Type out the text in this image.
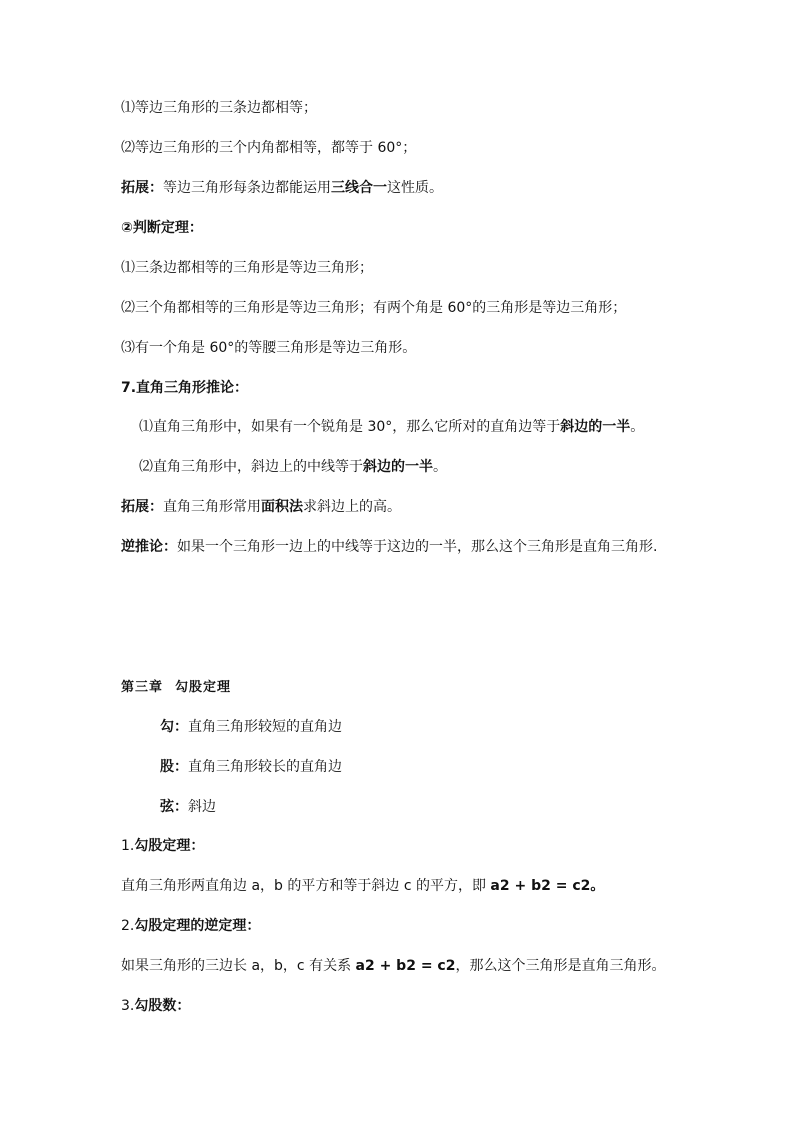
⑴等边三角形的三条边都相等；
⑵等边三角形的三个内角都相等，都等于 60°；
拓展：等边三角形每条边都能运用三线合一这性质。
②判断定理：
⑴三条边都相等的三角形是等边三角形；
⑵三个角都相等的三角形是等边三角形；有两个角是 60°的三角形是等边三角形；
⑶有一个角是 60°的等腰三角形是等边三角形。
7.直角三角形推论：
⑴直角三角形中，如果有一个锐角是 30°，那么它所对的直角边等于斜边的一半。
⑵直角三角形中，斜边上的中线等于斜边的一半。
拓展：直角三角形常用面积法求斜边上的高。
逆推论：如果一个三角形一边上的中线等于这边的一半，那么这个三角形是直角三角形.
第三章 勾股定理
勾：直角三角形较短的直角边
股：直角三角形较长的直角边
弦：斜边
1.勾股定理：
直角三角形两直角边 a，b 的平方和等于斜边 c 的平方，即 a2 + b2 = c2。
2.勾股定理的逆定理：
如果三角形的三边长 a，b，c 有关系 a2 + b2 = c2，那么这个三角形是直角三角形。
3.勾股数：
